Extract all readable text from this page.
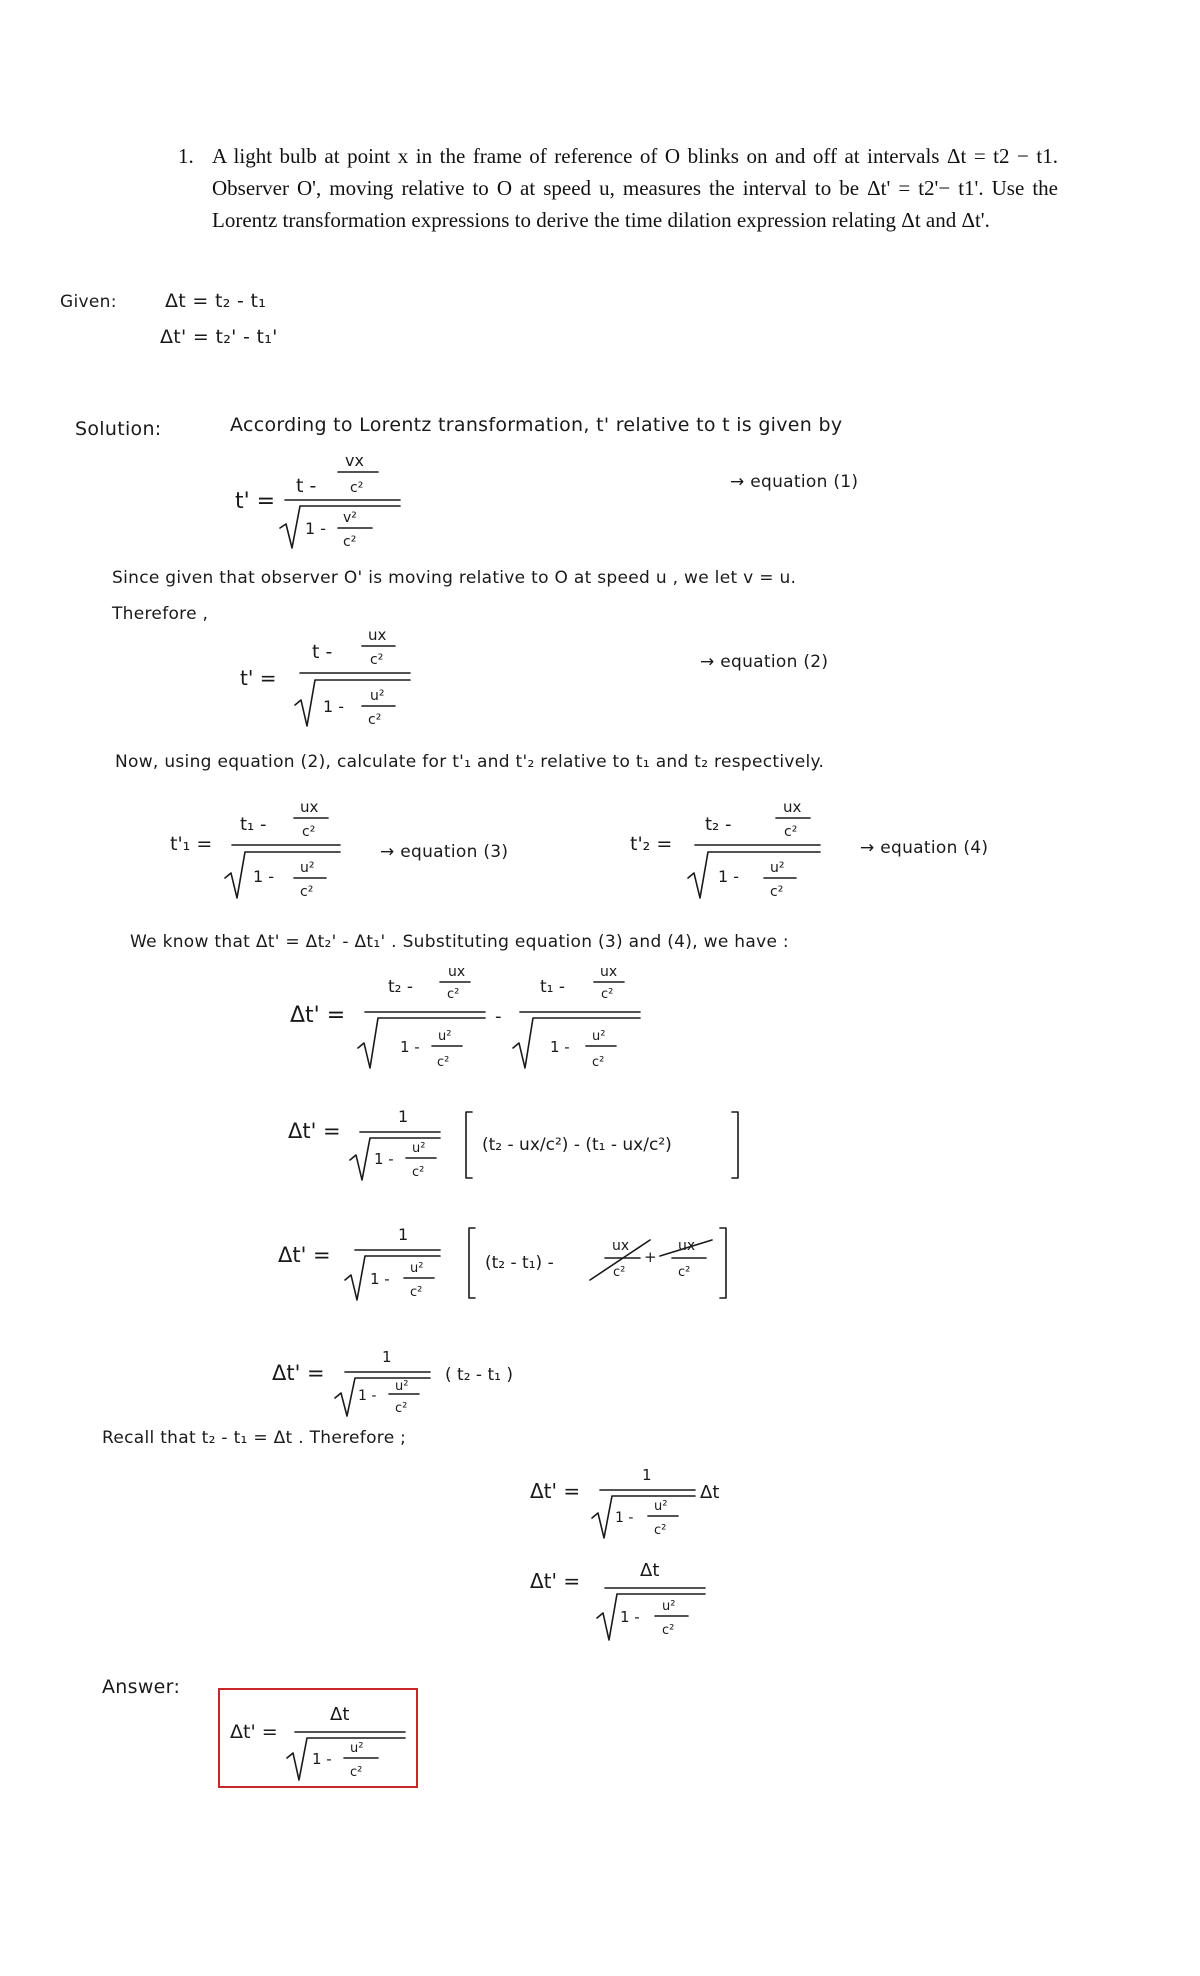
1. A light bulb at point x in the frame of reference of O blinks on and off at intervals Δt = t2 − t1. Observer O', moving relative to O at speed u, measures the interval to be Δt' = t2'− t1'. Use the Lorentz transformation expressions to derive the time dilation expression relating Δt and Δt'.
Given:	Δt = t₂ - t₁
Δt' = t₂' - t₁'
Solution:	According to Lorentz transformation, t' relative to t is given by
t' =
t -
vx
c²
1 -
v²
c²
→ equation (1)
Since given that observer O' is moving relative to O at speed u , we let v = u.
Therefore ,
t' =
t -
ux
c²
1 -
u²
c²
→ equation (2)
Now, using equation (2), calculate for t'₁ and t'₂ relative to t₁ and t₂ respectively.
t'₁ =
t₁ -
ux
c²
1 - u²
c²
t'₂ =
t₂ -
ux
c²
1 - u²
c²
→ equation (3)	→ equation (4)
We know that Δt' = Δt₂' - Δt₁' . Substituting equation (3) and (4), we have :
Δt' =
t₂ -
ux
c²
1 -
u²
c²
-
t₁ -
ux
c²
1 -
u²
c²
Δt' =
1
1 -
u²
c²
(t₂ - ux/c²) - (t₁ - ux/c²)
Δt' =
1
1 -
u²
c²
(t₂ - t₁) -
ux
c²
+
ux
c²
Δt' =
1
1 -
u²
c²
( t₂ - t₁ )
Recall that t₂ - t₁ = Δt . Therefore ;
Δt' =
1
Δt
1 -
u²
c²
Δt' =	Δt
1 -
u²
c²
Answer:
Δt' =
Δt
1 -
u²
c²
